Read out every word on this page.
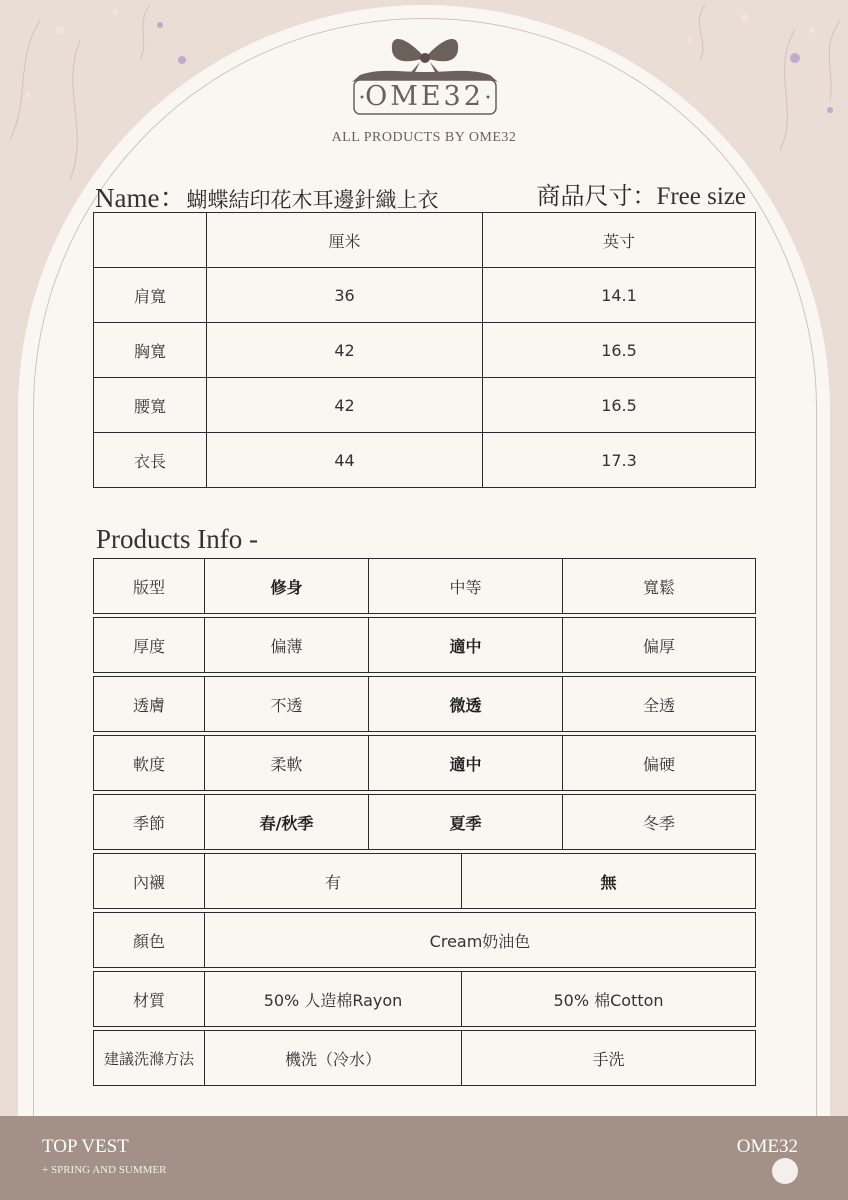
OME32
ALL PRODUCTS BY OME32
Name：蝴蝶結印花木耳邊針織上衣	商品尺寸：Free size
	厘米	英寸
肩寬	36	14.1
胸寬	42	16.5
腰寬	42	16.5
衣長	44	17.3
Products Info -
版型	修身	中等	寬鬆
厚度	偏薄	適中	偏厚
透膚	不透	微透	全透
軟度	柔軟	適中	偏硬
季節	春/秋季	夏季	冬季
內襯	有	無
顏色	Cream奶油色
材質	50% 人造棉Rayon	50% 棉Cotton
建議洗滌方法	機洗（冷水）	手洗
TOP VEST
+ SPRING AND SUMMER
OME32
